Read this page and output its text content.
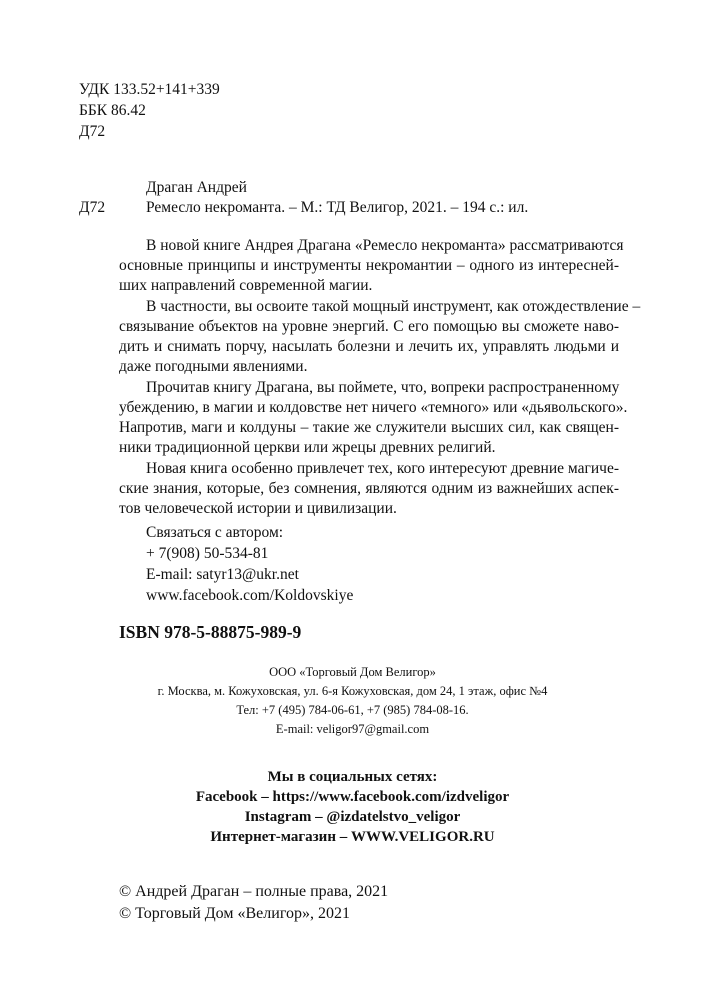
УДК 133.52+141+339
ББК 86.42
Д72
Драган Андрей
Д72	Ремесло некроманта. – М.: ТД Велигор, 2021. – 194 с.: ил.
В новой книге Андрея Драгана «Ремесло некроманта» рассматриваются
основные принципы и инструменты некромантии – одного из интересней-
ших направлений современной магии.
В частности, вы освоите такой мощный инструмент, как отождествление –
связывание объектов на уровне энергий. С его помощью вы сможете наво-
дить и снимать порчу, насылать болезни и лечить их, управлять людьми и
даже погодными явлениями.
Прочитав книгу Драгана, вы поймете, что, вопреки распространенному
убеждению, в магии и колдовстве нет ничего «темного» или «дьявольского».
Напротив, маги и колдуны – такие же служители высших сил, как священ-
ники традиционной церкви или жрецы древних религий.
Новая книга особенно привлечет тех, кого интересуют древние магиче-
ские знания, которые, без сомнения, являются одним из важнейших аспек-
тов человеческой истории и цивилизации.
Связаться с автором:
+ 7(908) 50-534-81
E-mail: satyr13@ukr.net
www.facebook.com/Koldovskiye
ISBN 978-5-88875-989-9
ООО «Торговый Дом Велигор»
г. Москва, м. Кожуховская, ул. 6-я Кожуховская, дом 24, 1 этаж, офис №4
Тел: +7 (495) 784-06-61, +7 (985) 784-08-16.
E-mail: veligor97@gmail.com
Мы в социальных сетях:
Facebook – https://www.facebook.com/izdveligor
Instagram – @izdatelstvo_veligor
Интернет-магазин – WWW.VELIGOR.RU
© Андрей Драган – полные права, 2021
© Торговый Дом «Велигор», 2021
